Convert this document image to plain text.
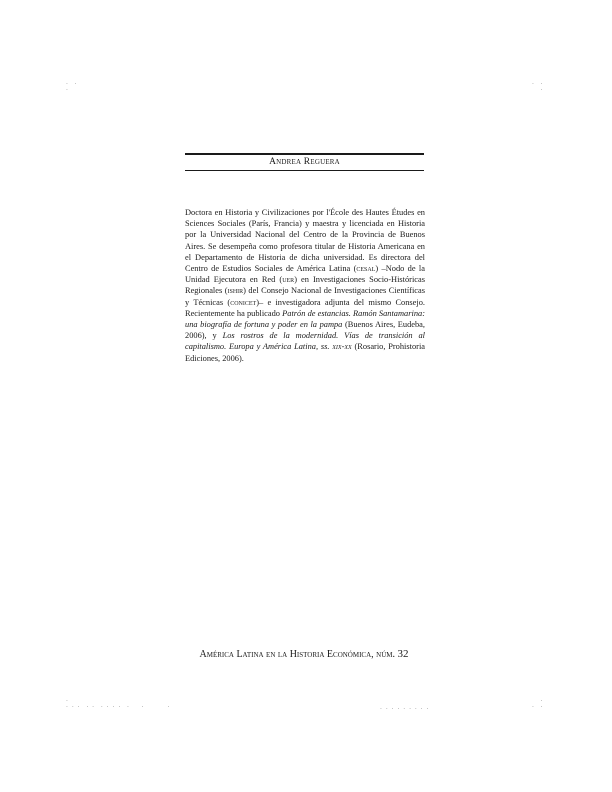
.  .
.
.  .
.
.
. . .  . .  . . . .  .    .        .	. . . . . . . . .
.
.  .
Andrea Reguera
Doctora en Historia y Civilizaciones por l'École des Hautes Études en Sciences Sociales (París, Francia) y maestra y licenciada en Historia por la Universidad Nacional del Centro de la Provincia de Buenos Aires. Se desempeña como profesora titular de Historia Americana en el Departamento de Historia de dicha universidad. Es directora del Centro de Estudios Sociales de América Latina (cesal) –Nodo de la Unidad Ejecutora en Red (uer) en Investigaciones Socio-Históricas Regionales (ishir) del Consejo Nacional de Investigaciones Científicas y Técnicas (conicet)– e investigadora adjunta del mismo Consejo. Recientemente ha publicado Patrón de estancias. Ramón Santamarina: una biografía de fortuna y poder en la pampa (Buenos Aires, Eudeba, 2006), y Los rostros de la modernidad. Vías de transición al capitalismo. Europa y América Latina, ss. xix-xx (Rosario, Prohistoria Ediciones, 2006).
América Latina en la Historia Económica, núm. 32
